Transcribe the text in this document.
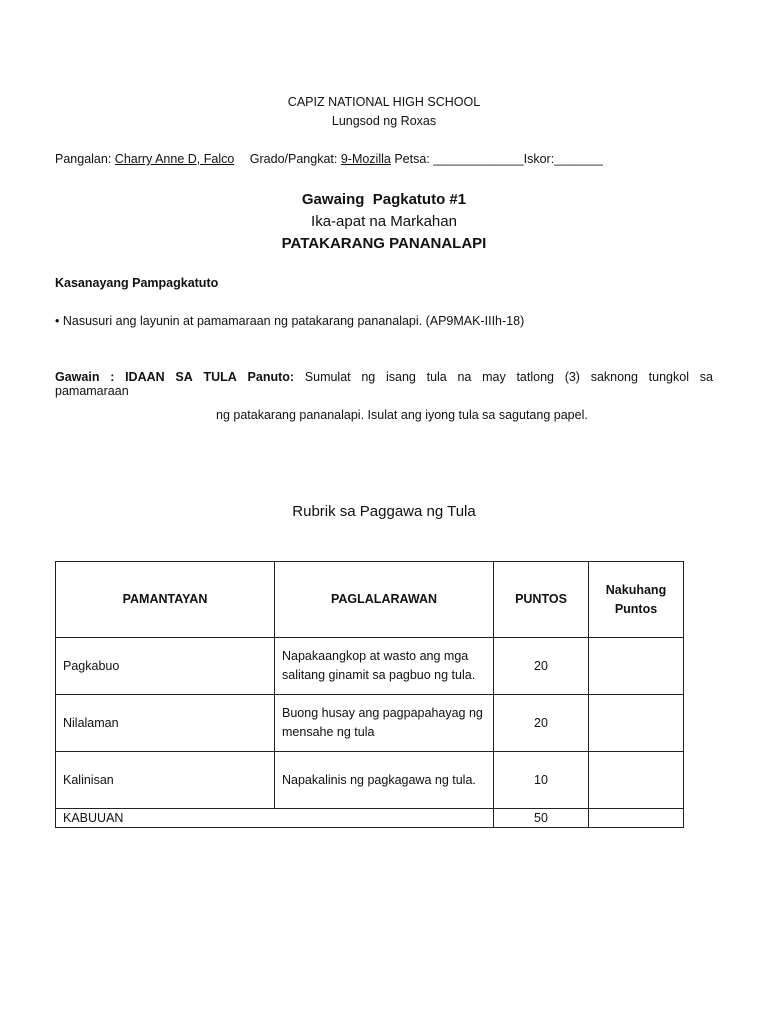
CAPIZ NATIONAL HIGH SCHOOL
Lungsod ng Roxas
Pangalan: Charry Anne D, Falco Grado/Pangkat: 9-Mozilla Petsa: _____________Iskor:_______
Gawaing  Pagkatuto #1
Ika-apat na Markahan
PATAKARANG PANANALAPI
Kasanayang Pampagkatuto
• Nasusuri ang layunin at pamamaraan ng patakarang pananalapi. (AP9MAK-IIIh-18)
Gawain : IDAAN SA TULA Panuto: Sumulat ng isang tula na may tatlong (3) saknong tungkol sa
pamamaraan
ng patakarang pananalapi. Isulat ang iyong tula sa sagutang papel.
Rubrik sa Paggawa ng Tula
PAMANTAYAN	PAGLALARAWAN	PUNTOS	Nakuhang Puntos
Pagkabuo	Napakaangkop at wasto ang mga salitang ginamit sa pagbuo ng tula.	20	
Nilalaman	Buong husay ang pagpapahayag ng mensahe ng tula	20	
Kalinisan	Napakalinis ng pagkagawa ng tula.	10	
KABUUAN		50	
